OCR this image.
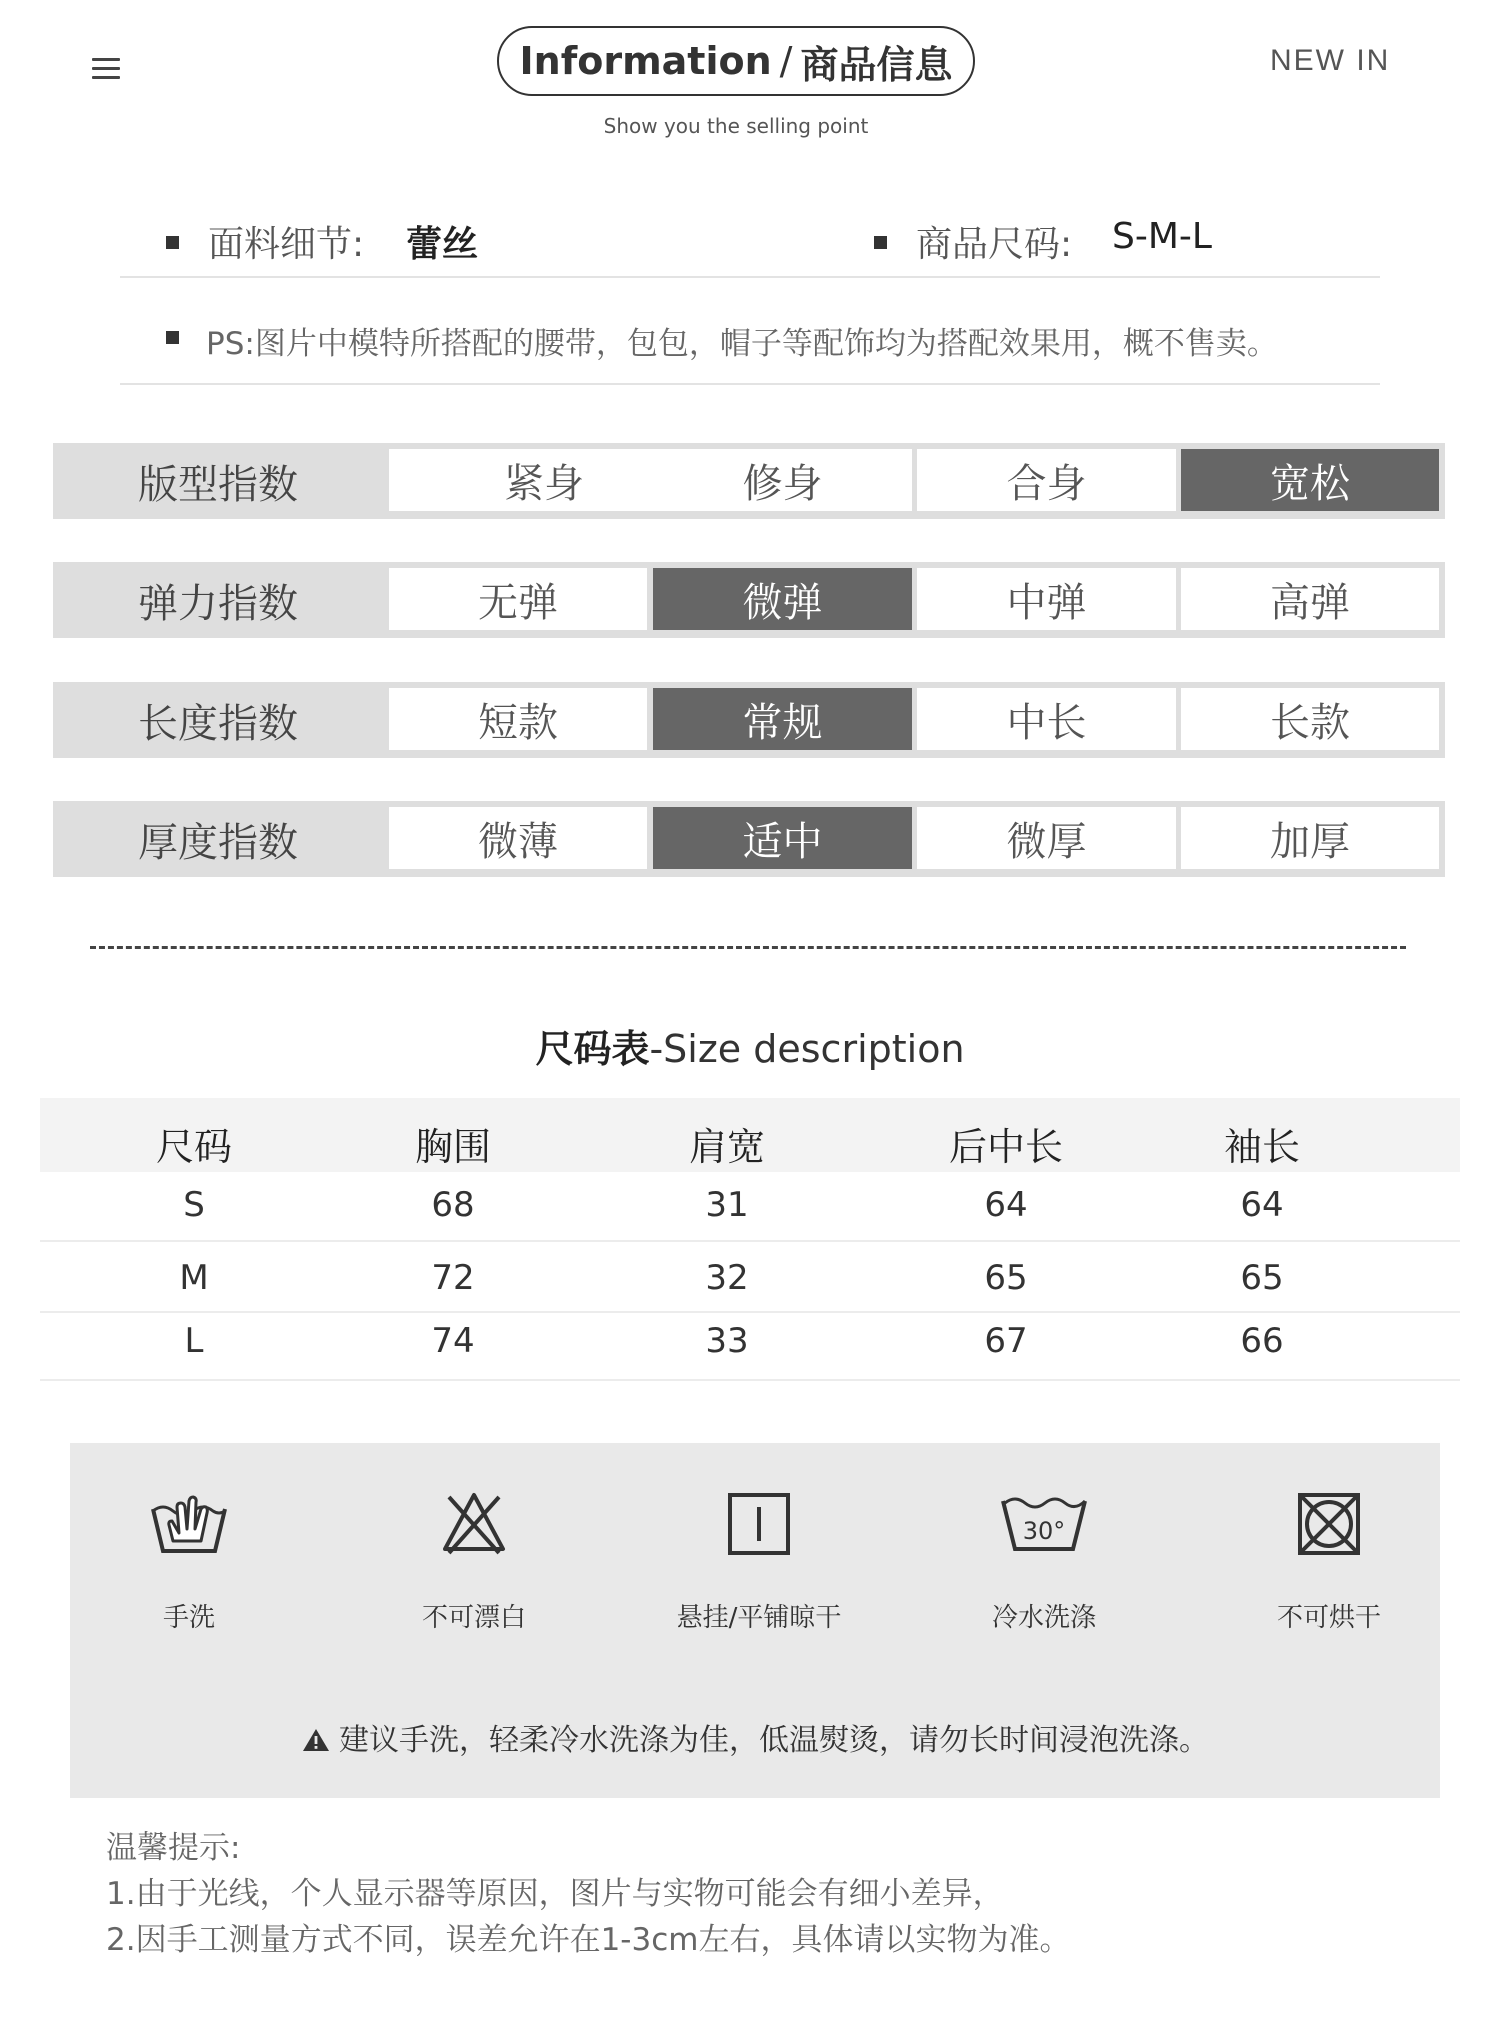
Information / 商品信息
Show you the selling point
NEW IN
面料细节: 蕾丝	商品尺码: S-M-L
PS:图片中模特所搭配的腰带，包包，帽子等配饰均为搭配效果用，概不售卖。
版型指数	紧身	修身	合身	宽松
弹力指数	无弹	微弹	中弹	高弹
长度指数	短款	常规	中长	长款
厚度指数	微薄	适中	微厚	加厚
尺码表-Size description
尺码	胸围	肩宽	后中长	袖长
S	68	31	64	64
M	72	32	65	65
L	74	33	67	66
手洗	不可漂白	悬挂/平铺晾干
30°
冷水洗涤	不可烘干
建议手洗，轻柔冷水洗涤为佳，低温熨烫，请勿长时间浸泡洗涤。
温馨提示:
1.由于光线，个人显示器等原因，图片与实物可能会有细小差异，
2.因手工测量方式不同，误差允许在1-3cm左右，具体请以实物为准。
